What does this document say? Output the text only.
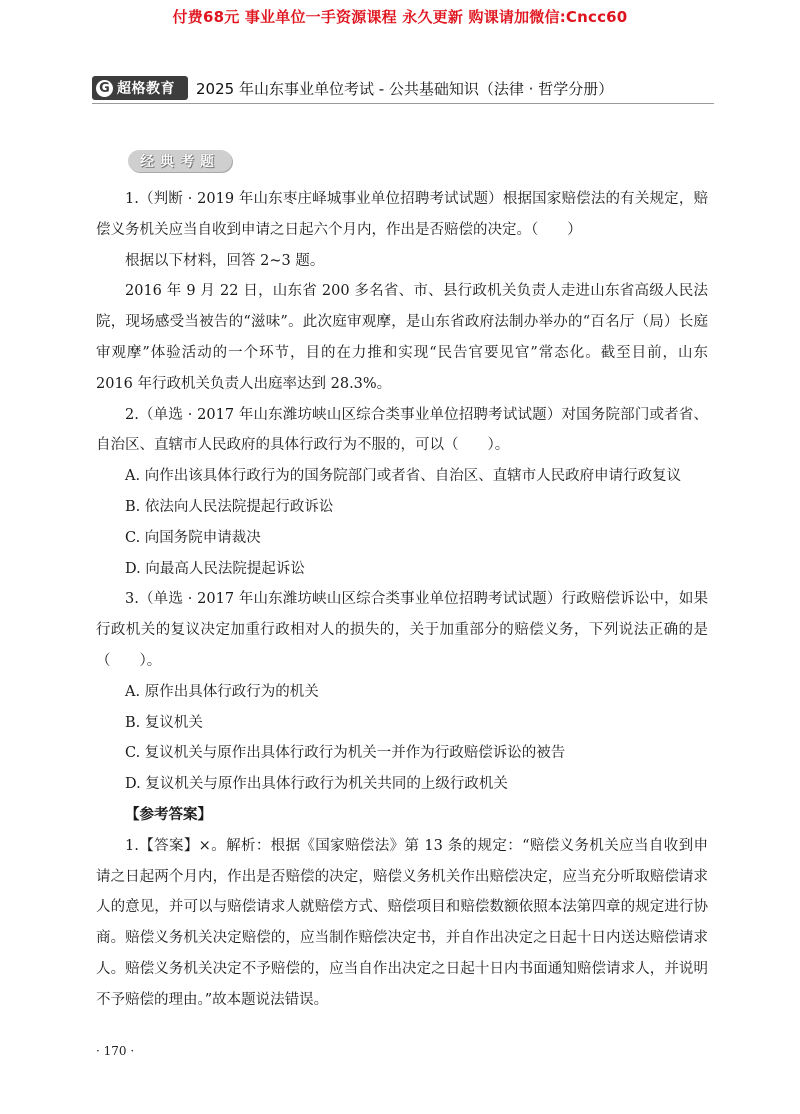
付费68元 事业单位一手资源课程 永久更新 购课请加微信:Cncc60
G 超格教育 2025 年山东事业单位考试 - 公共基础知识（法律 · 哲学分册）
经典考题

1.（判断 · 2019 年山东枣庄峄城事业单位招聘考试试题）根据国家赔偿法的有关规定，赔偿义务机关应当自收到申请之日起六个月内，作出是否赔偿的决定。（　　）

根据以下材料，回答 2~3 题。

2016 年 9 月 22 日，山东省 200 多名省、市、县行政机关负责人走进山东省高级人民法院，现场感受当被告的“滋味”。此次庭审观摩，是山东省政府法制办举办的“百名厅（局）长庭审观摩”体验活动的一个环节，目的在力推和实现“民告官要见官”常态化。截至目前，山东 2016 年行政机关负责人出庭率达到 28.3%。

2.（单选 · 2017 年山东潍坊峡山区综合类事业单位招聘考试试题）对国务院部门或者省、自治区、直辖市人民政府的具体行政行为不服的，可以（　　）。

A. 向作出该具体行政行为的国务院部门或者省、自治区、直辖市人民政府申请行政复议

B. 依法向人民法院提起行政诉讼

C. 向国务院申请裁决

D. 向最高人民法院提起诉讼

3.（单选 · 2017 年山东潍坊峡山区综合类事业单位招聘考试试题）行政赔偿诉讼中，如果行政机关的复议决定加重行政相对人的损失的，关于加重部分的赔偿义务，下列说法正确的是（　　）。

A. 原作出具体行政行为的机关

B. 复议机关

C. 复议机关与原作出具体行政行为机关一并作为行政赔偿诉讼的被告

D. 复议机关与原作出具体行政行为机关共同的上级行政机关

【参考答案】

1.【答案】×。解析：根据《国家赔偿法》第 13 条的规定：“赔偿义务机关应当自收到申请之日起两个月内，作出是否赔偿的决定，赔偿义务机关作出赔偿决定，应当充分听取赔偿请求人的意见，并可以与赔偿请求人就赔偿方式、赔偿项目和赔偿数额依照本法第四章的规定进行协商。赔偿义务机关决定赔偿的，应当制作赔偿决定书，并自作出决定之日起十日内送达赔偿请求人。赔偿义务机关决定不予赔偿的，应当自作出决定之日起十日内书面通知赔偿请求人，并说明不予赔偿的理由。”故本题说法错误。

· 170 ·
